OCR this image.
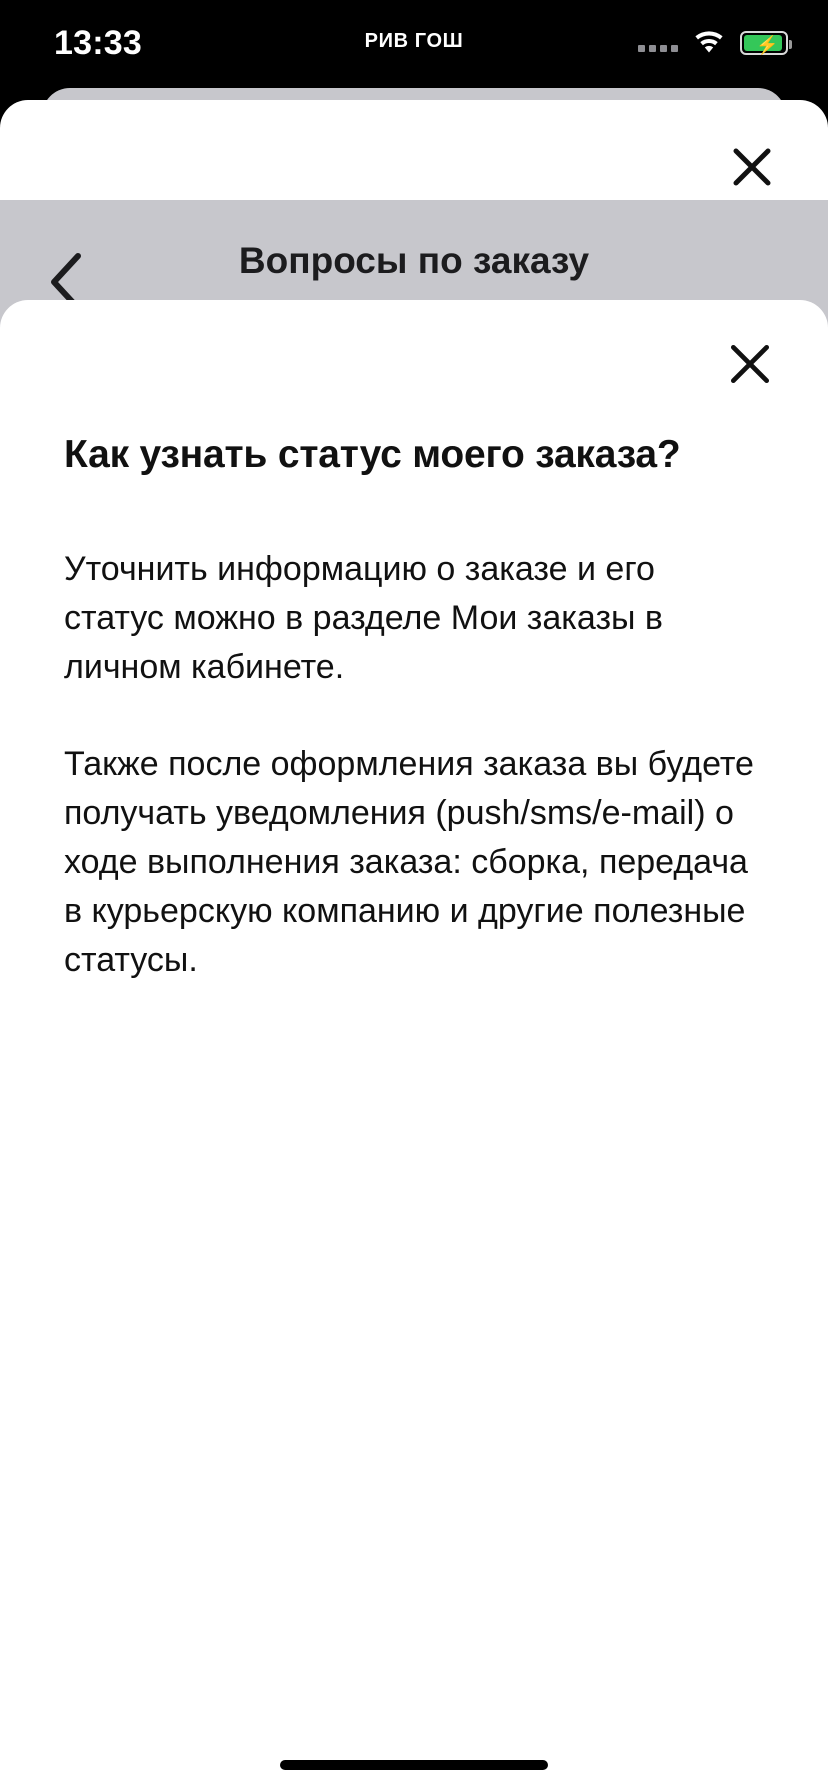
13:33	РИВ ГОШ	⚡
Вопросы по заказу
Как узнать статус моего заказа?

Уточнить информацию о заказе и его статус можно в разделе Мои заказы в личном кабинете.

Также после оформления заказа вы будете получать уведомления (push/sms/e-mail) о ходе выполнения заказа: сборка, передача в курьерскую компанию и другие полезные статусы.
